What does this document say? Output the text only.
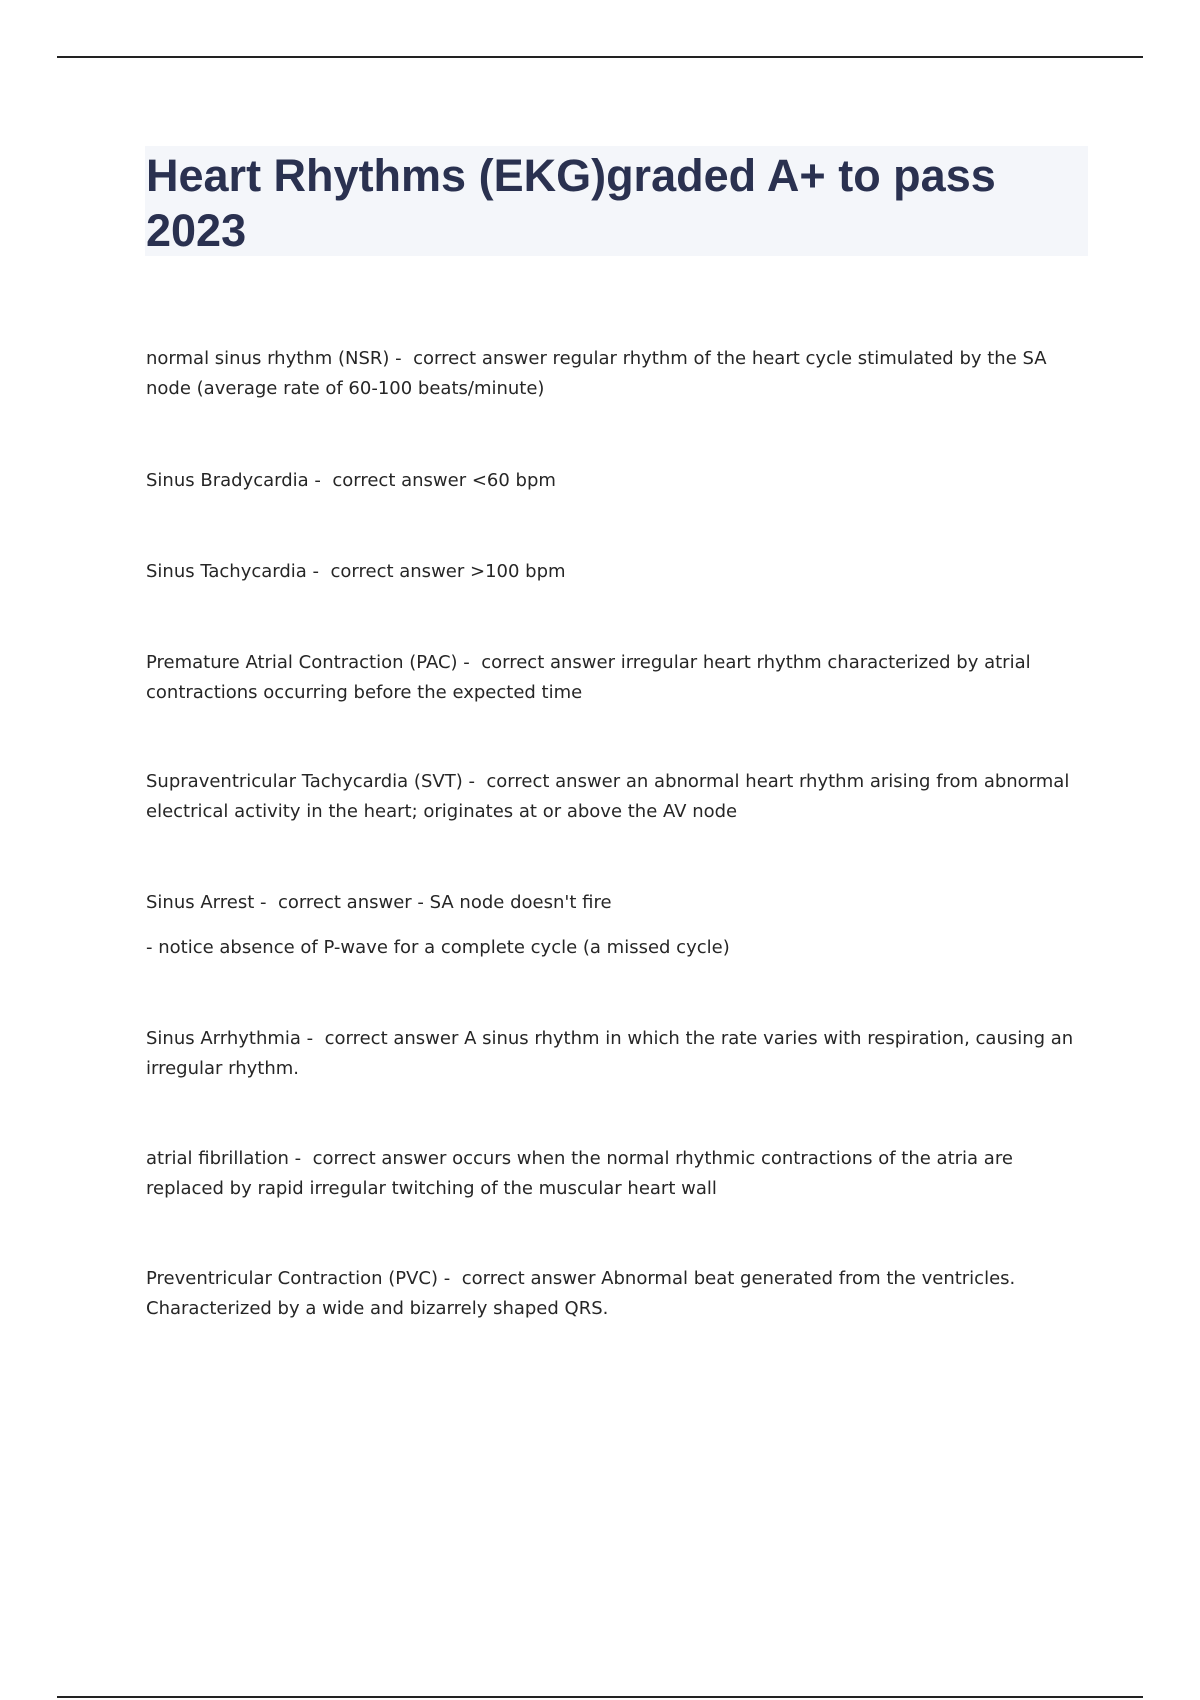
Heart Rhythms (EKG)graded A+ to pass 2023

normal sinus rhythm (NSR) -  correct answer regular rhythm of the heart cycle stimulated by the SA node (average rate of 60-100 beats/minute)

Sinus Bradycardia -  correct answer <60 bpm

Sinus Tachycardia -  correct answer >100 bpm

Premature Atrial Contraction (PAC) -  correct answer irregular heart rhythm characterized by atrial contractions occurring before the expected time

Supraventricular Tachycardia (SVT) -  correct answer an abnormal heart rhythm arising from abnormal electrical activity in the heart; originates at or above the AV node

Sinus Arrest -  correct answer - SA node doesn't fire

- notice absence of P-wave for a complete cycle (a missed cycle)

Sinus Arrhythmia -  correct answer A sinus rhythm in which the rate varies with respiration, causing an irregular rhythm.

atrial fibrillation -  correct answer occurs when the normal rhythmic contractions of the atria are replaced by rapid irregular twitching of the muscular heart wall

Preventricular Contraction (PVC) -  correct answer Abnormal beat generated from the ventricles. Characterized by a wide and bizarrely shaped QRS.
